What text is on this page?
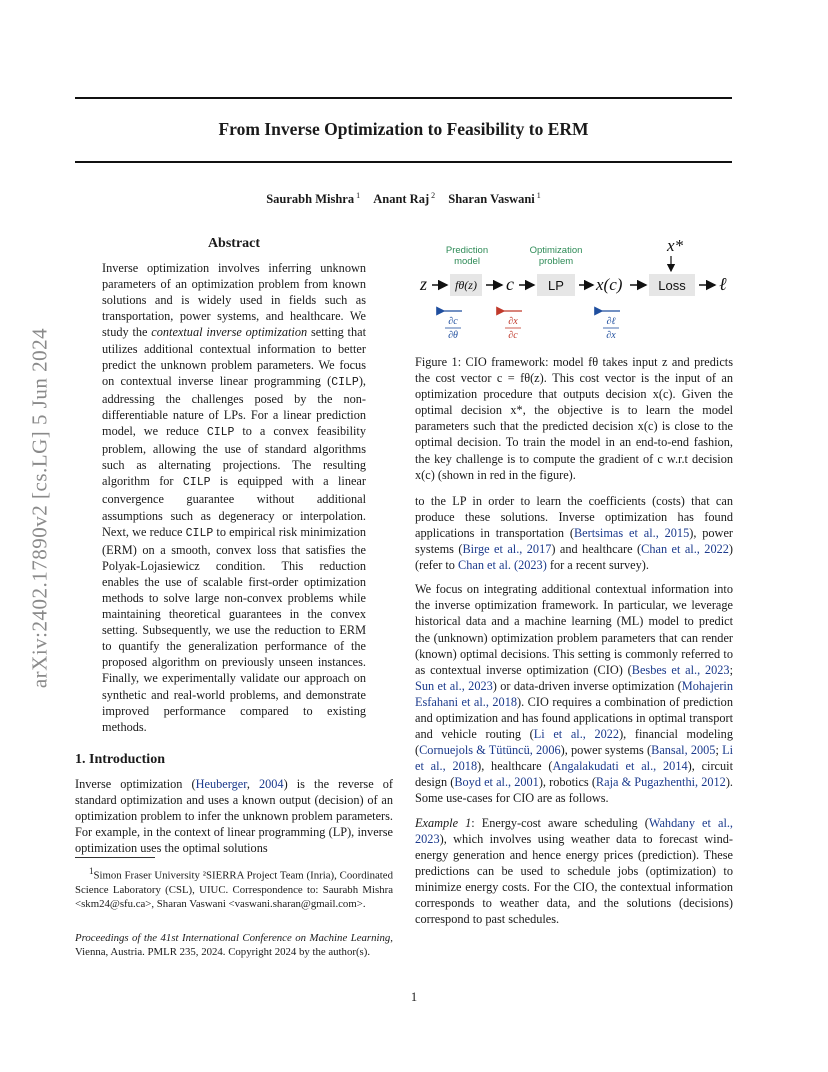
From Inverse Optimization to Feasibility to ERM

Saurabh Mishra $^1$ Anant Raj $^2$ Sharan Vaswani $^1$

arXiv:2402.17890v2 [cs.LG] 5 Jun 2024

Abstract

Inverse optimization involves inferring unknown parameters of an optimization problem from known solutions and is widely used in fields such as transportation, power systems, and healthcare. We study the contextual inverse optimization setting that utilizes additional contextual information to better predict the unknown problem parameters. We focus on contextual inverse linear programming (CILP), addressing the challenges posed by the non-differentiable nature of LPs. For a linear prediction model, we reduce CILP to a convex feasibility problem, allowing the use of standard algorithms such as alternating projections. The resulting algorithm for CILP is equipped with a linear convergence guarantee without additional assumptions such as degeneracy or interpolation. Next, we reduce CILP to empirical risk minimization (ERM) on a smooth, convex loss that satisfies the Polyak-Lojasiewicz condition. This reduction enables the use of scalable first-order optimization methods to solve large non-convex problems while maintaining theoretical guarantees in the convex setting. Subsequently, we use the reduction to ERM to quantify the generalization performance of the proposed algorithm on previously unseen instances. Finally, we experimentally validate our approach on synthetic and real-world problems, and demonstrate improved performance compared to existing methods.

1. Introduction

Inverse optimization (Heuberger, 2004) is the reverse of standard optimization and uses a known output (decision) of an optimization problem to infer the unknown problem parameters. For example, in the context of linear programming (LP), inverse optimization uses the optimal solutions

$^1$Simon Fraser University ²SIERRA Project Team (Inria), Coordinated Science Laboratory (CSL), UIUC. Correspondence to: Saurabh Mishra <skm24@sfu.ca>, Sharan Vaswani <vaswani.sharan@gmail.com>.

Proceedings of the 41st International Conference on Machine Learning, Vienna, Austria. PMLR 235, 2024. Copyright 2024 by the author(s).

Prediction
model
Optimization
problem
x*
z fθ(z) c	LP x(c)	Loss ℓ
∂c
∂θ
∂x
∂c
∂ℓ
∂x

Figure 1: CIO framework: model fθ takes input z and predicts the cost vector c = fθ(z). This cost vector is the input of an optimization procedure that outputs decision x(c). Given the optimal decision x*, the objective is to learn the model parameters such that the predicted decision x(c) is close to the optimal decision. To train the model in an end-to-end fashion, the key challenge is to compute the gradient of c w.r.t decision x(c) (shown in red in the figure).

to the LP in order to learn the coefficients (costs) that can produce these solutions. Inverse optimization has found applications in transportation (Bertsimas et al., 2015), power systems (Birge et al., 2017) and healthcare (Chan et al., 2022) (refer to Chan et al. (2023) for a recent survey).

We focus on integrating additional contextual information into the inverse optimization framework. In particular, we leverage historical data and a machine learning (ML) model to predict the (unknown) optimization problem parameters that can render (known) optimal decisions. This setting is commonly referred to as contextual inverse optimization (CIO) (Besbes et al., 2023; Sun et al., 2023) or data-driven inverse optimization (Mohajerin Esfahani et al., 2018). CIO requires a combination of prediction and optimization and has found applications in optimal transport and vehicle routing (Li et al., 2022), financial modeling (Cornuejols & Tütüncü, 2006), power systems (Bansal, 2005; Li et al., 2018), healthcare (Angalakudati et al., 2014), circuit design (Boyd et al., 2001), robotics (Raja & Pugazhenthi, 2012). Some use-cases for CIO are as follows.

Example 1: Energy-cost aware scheduling (Wahdany et al., 2023), which involves using weather data to forecast wind-energy generation and hence energy prices (prediction). These predictions can be used to schedule jobs (optimization) to minimize energy costs. For the CIO, the contextual information corresponds to weather data, and the solutions (decisions) correspond to past schedules.

1
